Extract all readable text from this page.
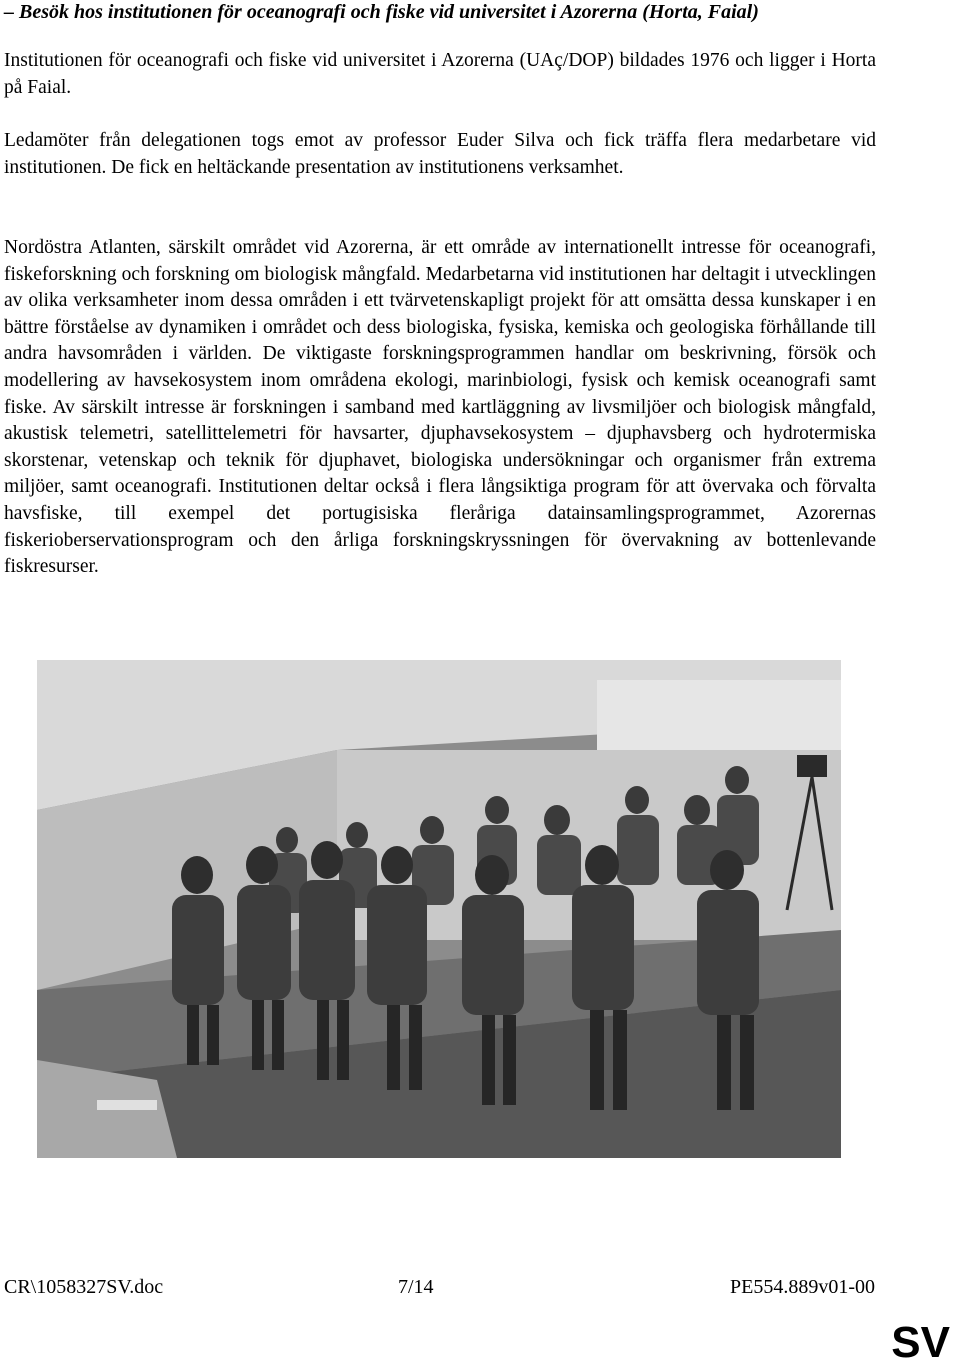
– Besök hos institutionen för oceanografi och fiske vid universitet i Azorerna (Horta, Faial)

Institutionen för oceanografi och fiske vid universitet i Azorerna (UAç/DOP) bildades 1976 och ligger i Horta på Faial.

Ledamöter från delegationen togs emot av professor Euder Silva och fick träffa flera medarbetare vid institutionen. De fick en heltäckande presentation av institutionens verksamhet.

Nordöstra Atlanten, särskilt området vid Azorerna, är ett område av internationellt intresse för oceanografi, fiskeforskning och forskning om biologisk mångfald. Medarbetarna vid institutionen har deltagit i utvecklingen av olika verksamheter inom dessa områden i ett tvärvetenskapligt projekt för att omsätta dessa kunskaper i en bättre förståelse av dynamiken i området och dess biologiska, fysiska, kemiska och geologiska förhållande till andra havsområden i världen. De viktigaste forskningsprogrammen handlar om beskrivning, försök och modellering av havsekosystem inom områdena ekologi, marinbiologi, fysisk och kemisk oceanografi samt fiske. Av särskilt intresse är forskningen i samband med kartläggning av livsmiljöer och biologisk mångfald, akustisk telemetri, satellittelemetri för havsarter, djuphavsekosystem – djuphavsberg och hydrotermiska skorstenar, vetenskap och teknik för djuphavet, biologiska undersökningar och organismer från extrema miljöer, samt oceanografi. Institutionen deltar också i flera långsiktiga program för att övervaka och förvalta havsfiske, till exempel det portugisiska fleråriga datainsamlingsprogrammet, Azorernas fiskerioberservationsprogram och den årliga forskningskryssningen för övervakning av bottenlevande fiskresurser.

CR\1058327SV.doc	7/14	PE554.889v01-00
SV
